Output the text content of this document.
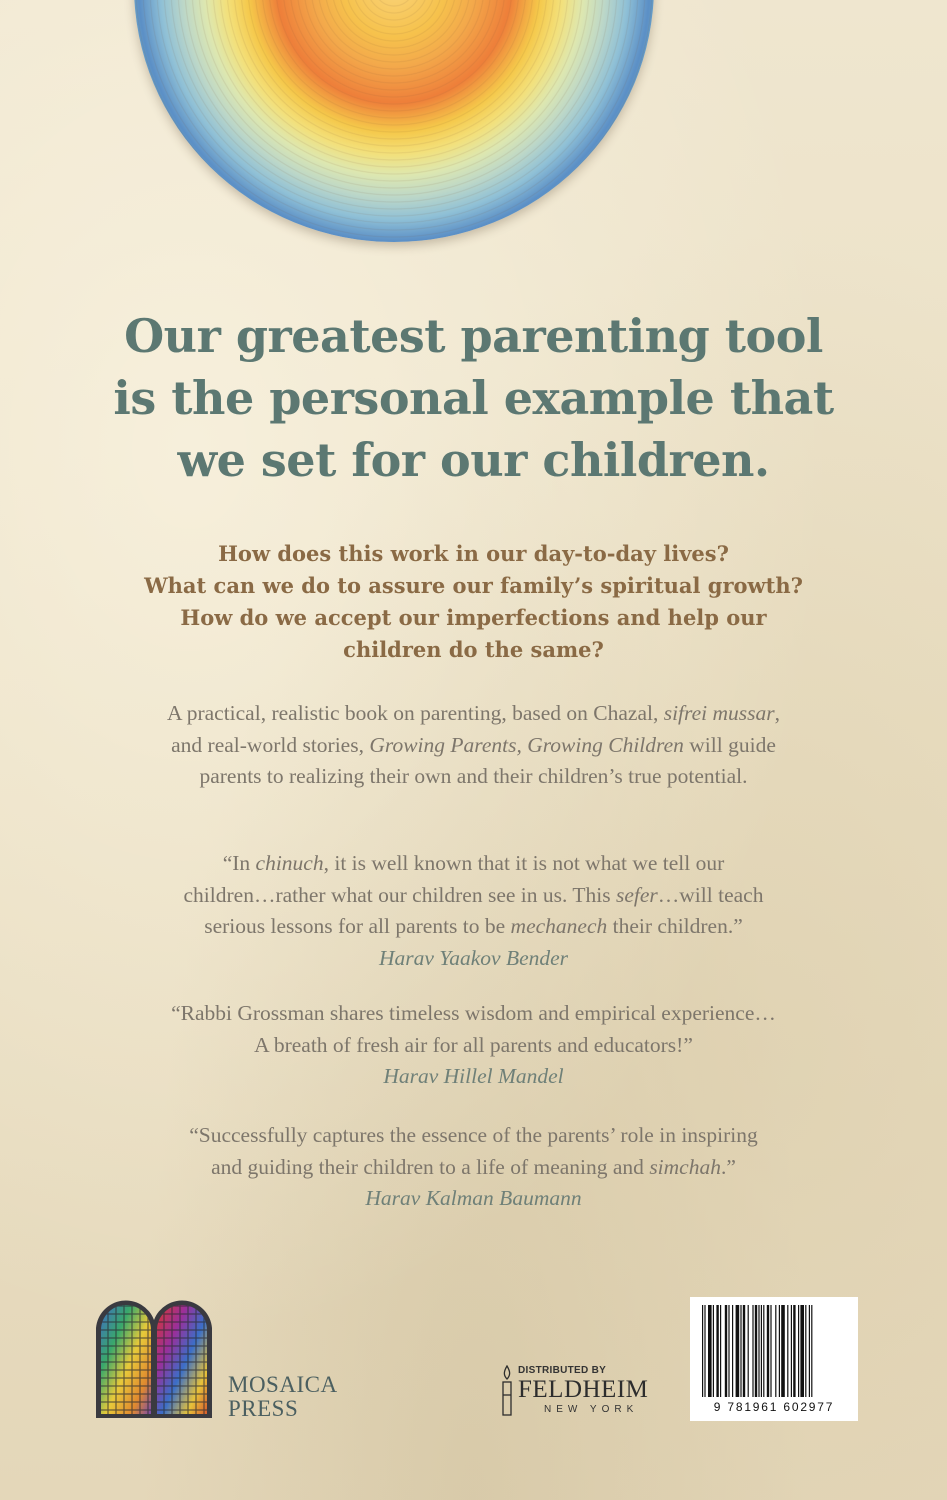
Our greatest parenting tool
is the personal example that
we set for our children.
How does this work in our day-to-day lives?
What can we do to assure our family’s spiritual growth?
How do we accept our imperfections and help our
children do the same?
A practical, realistic book on parenting, based on Chazal, sifrei mussar,
and real-world stories, Growing Parents, Growing Children will guide
parents to realizing their own and their children’s true potential.
“In chinuch, it is well known that it is not what we tell our
children…rather what our children see in us. This sefer…will teach
serious lessons for all parents to be mechanech their children.”
Harav Yaakov Bender
“Rabbi Grossman shares timeless wisdom and empirical experience…
A breath of fresh air for all parents and educators!”
Harav Hillel Mandel
“Successfully captures the essence of the parents’ role in inspiring
and guiding their children to a life of meaning and simchah.”
Harav Kalman Baumann
MOSAICA
PRESS
DISTRIBUTED BY
FELDHEIM
NEW YORK	9 781961 602977
